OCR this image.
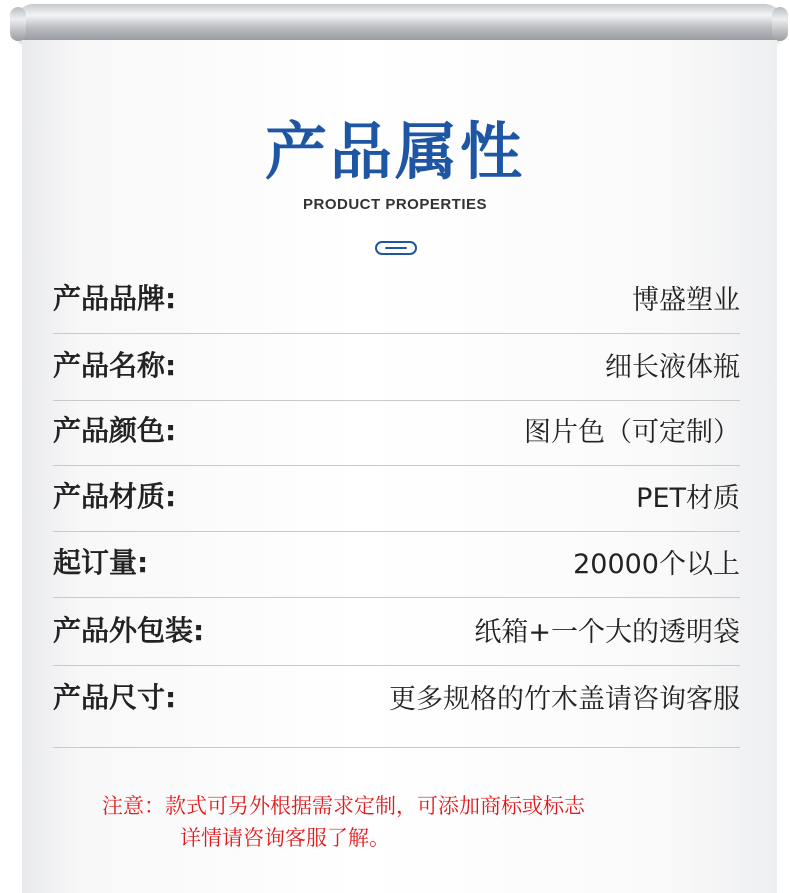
产品属性
PRODUCT PROPERTIES
产品品牌:	博盛塑业
产品名称:	细长液体瓶
产品颜色:	图片色（可定制）
产品材质:	PET材质
起订量:	20000个以上
产品外包装:	纸箱+一个大的透明袋
产品尺寸:	更多规格的竹木盖请咨询客服
注意：款式可另外根据需求定制，可添加商标或标志
详情请咨询客服了解。
